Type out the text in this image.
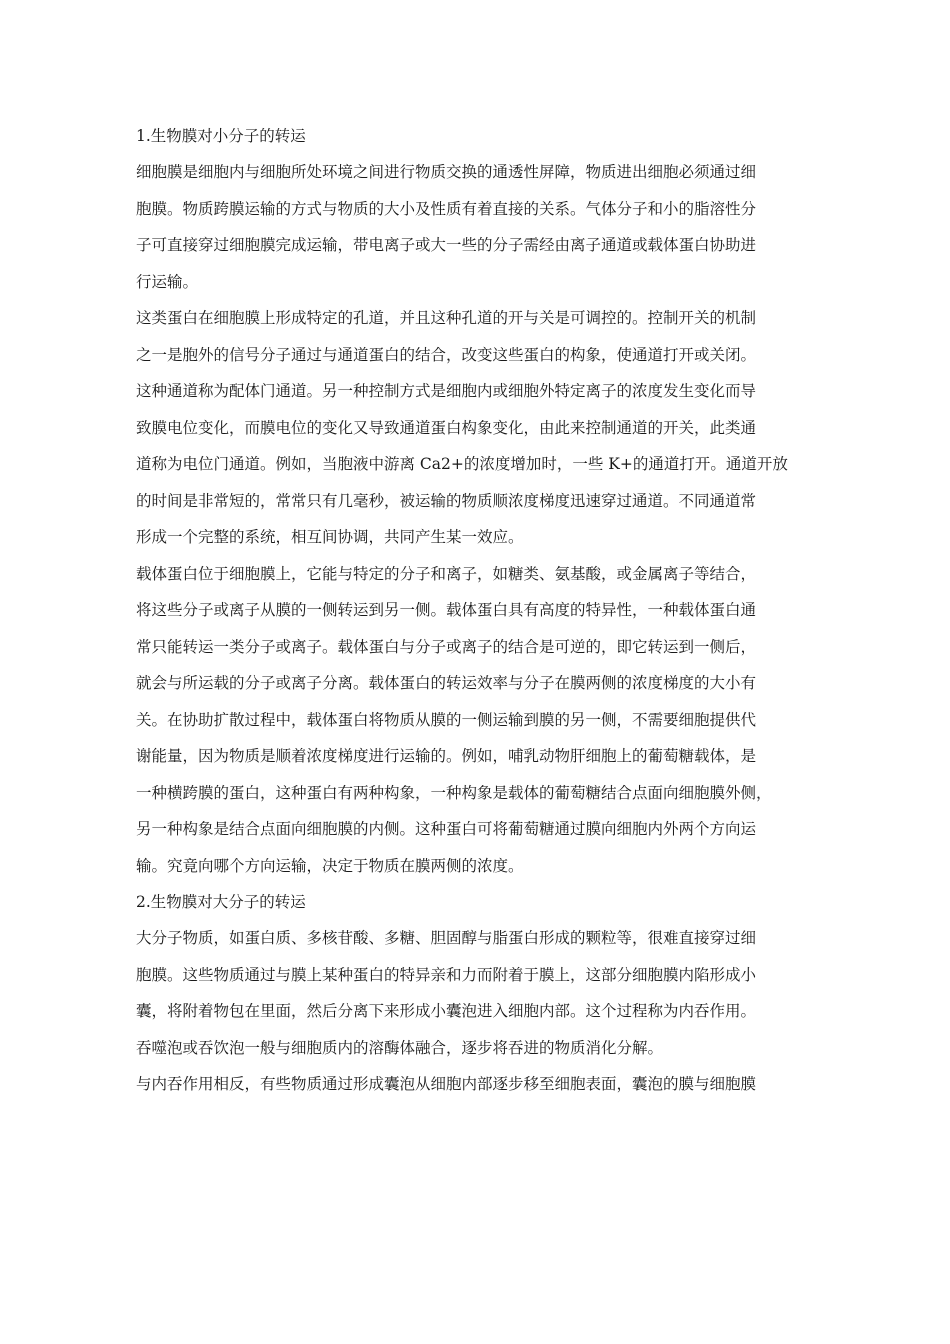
1.生物膜对小分子的转运
细胞膜是细胞内与细胞所处环境之间进行物质交换的通透性屏障，物质进出细胞必须通过细
胞膜。物质跨膜运输的方式与物质的大小及性质有着直接的关系。气体分子和小的脂溶性分
子可直接穿过细胞膜完成运输，带电离子或大一些的分子需经由离子通道或载体蛋白协助进
行运输。
这类蛋白在细胞膜上形成特定的孔道，并且这种孔道的开与关是可调控的。控制开关的机制
之一是胞外的信号分子通过与通道蛋白的结合，改变这些蛋白的构象，使通道打开或关闭。
这种通道称为配体门通道。另一种控制方式是细胞内或细胞外特定离子的浓度发生变化而导
致膜电位变化，而膜电位的变化又导致通道蛋白构象变化，由此来控制通道的开关，此类通
道称为电位门通道。例如，当胞液中游离 Ca2+的浓度增加时，一些 K+的通道打开。通道开放
的时间是非常短的，常常只有几毫秒，被运输的物质顺浓度梯度迅速穿过通道。不同通道常
形成一个完整的系统，相互间协调，共同产生某一效应。
载体蛋白位于细胞膜上，它能与特定的分子和离子，如糖类、氨基酸，或金属离子等结合，
将这些分子或离子从膜的一侧转运到另一侧。载体蛋白具有高度的特异性，一种载体蛋白通
常只能转运一类分子或离子。载体蛋白与分子或离子的结合是可逆的，即它转运到一侧后，
就会与所运载的分子或离子分离。载体蛋白的转运效率与分子在膜两侧的浓度梯度的大小有
关。在协助扩散过程中，载体蛋白将物质从膜的一侧运输到膜的另一侧，不需要细胞提供代
谢能量，因为物质是顺着浓度梯度进行运输的。例如，哺乳动物肝细胞上的葡萄糖载体，是
一种横跨膜的蛋白，这种蛋白有两种构象，一种构象是载体的葡萄糖结合点面向细胞膜外侧，
另一种构象是结合点面向细胞膜的内侧。这种蛋白可将葡萄糖通过膜向细胞内外两个方向运
输。究竟向哪个方向运输，决定于物质在膜两侧的浓度。
2.生物膜对大分子的转运
大分子物质，如蛋白质、多核苷酸、多糖、胆固醇与脂蛋白形成的颗粒等，很难直接穿过细
胞膜。这些物质通过与膜上某种蛋白的特异亲和力而附着于膜上，这部分细胞膜内陷形成小
囊，将附着物包在里面，然后分离下来形成小囊泡进入细胞内部。这个过程称为内吞作用。
吞噬泡或吞饮泡一般与细胞质内的溶酶体融合，逐步将吞进的物质消化分解。
与内吞作用相反，有些物质通过形成囊泡从细胞内部逐步移至细胞表面，囊泡的膜与细胞膜
